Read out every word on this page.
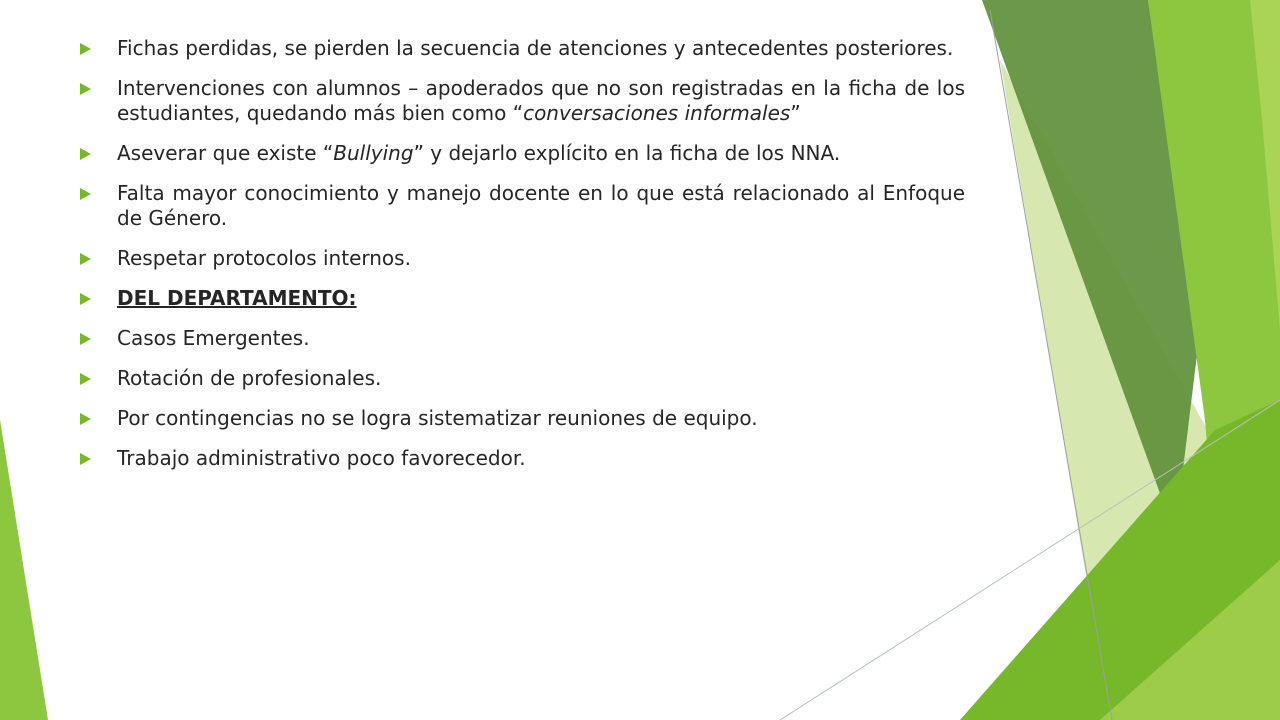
Fichas perdidas, se pierden la secuencia de atenciones y antecedentes posteriores.
Intervenciones con alumnos – apoderados que no son registradas en la ficha de los estudiantes, quedando más bien como “conversaciones informales”
Aseverar que existe “Bullying” y dejarlo explícito en la ficha de los NNA.
Falta mayor conocimiento y manejo docente en lo que está relacionado al Enfoque de Género.
Respetar protocolos internos.
DEL DEPARTAMENTO:
Casos Emergentes.
Rotación de profesionales.
Por contingencias no se logra sistematizar reuniones de equipo.
Trabajo administrativo poco favorecedor.
